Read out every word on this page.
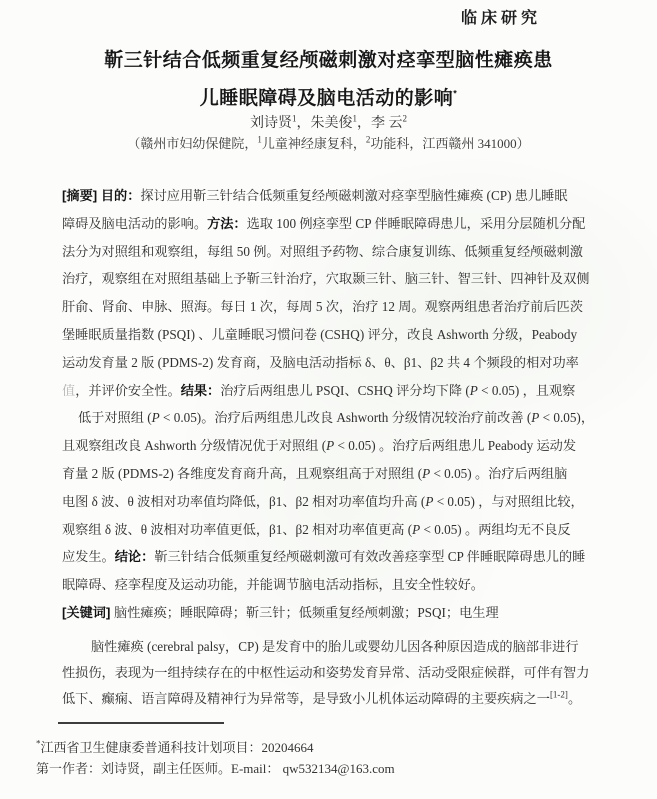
临床研究
靳三针结合低频重复经颅磁刺激对痉挛型脑性瘫痪患
儿睡眠障碍及脑电活动的影响*
刘诗贤$^1$，朱美俊$^1$，李 云$^2$
（赣州市妇幼保健院，$^1$儿童神经康复科，$^2$功能科，江西赣州 341000）
[摘要] 目的：探讨应用靳三针结合低频重复经颅磁刺激对痉挛型脑性瘫痪 (CP) 患儿睡眠
障碍及脑电活动的影响。方法：选取 100 例痉挛型 CP 伴睡眠障碍患儿，采用分层随机分配
法分为对照组和观察组，每组 50 例。对照组予药物、综合康复训练、低频重复经颅磁刺激
治疗，观察组在对照组基础上予靳三针治疗，穴取颞三针、脑三针、智三针、四神针及双侧
肝俞、肾俞、申脉、照海。每日 1 次，每周 5 次，治疗 12 周。观察两组患者治疗前后匹茨
堡睡眠质量指数 (PSQI) 、儿童睡眠习惯问卷 (CSHQ) 评分，改良 Ashworth 分级，Peabody
运动发育量 2 版 (PDMS-2) 发育商，及脑电活动指标 δ、θ、β1、β2 共 4 个频段的相对功率
值，并评价安全性。结果：治疗后两组患儿 PSQI、CSHQ 评分均下降 (P < 0.05) ，且观察
低于对照组 (P < 0.05)。治疗后两组患儿改良 Ashworth 分级情况较治疗前改善 (P < 0.05)，
且观察组改良 Ashworth 分级情况优于对照组 (P < 0.05) 。治疗后两组患儿 Peabody 运动发
育量 2 版 (PDMS-2) 各维度发育商升高，且观察组高于对照组 (P < 0.05) 。治疗后两组脑
电图 δ 波、θ 波相对功率值均降低，β1、β2 相对功率值均升高 (P < 0.05) ，与对照组比较，
观察组 δ 波、θ 波相对功率值更低，β1、β2 相对功率值更高 (P < 0.05) 。两组均无不良反
应发生。结论：靳三针结合低频重复经颅磁刺激可有效改善痉挛型 CP 伴睡眠障碍患儿的睡
眠障碍、痉挛程度及运动功能，并能调节脑电活动指标，且安全性较好。
[关键词] 脑性瘫痪；睡眠障碍；靳三针；低频重复经颅刺激；PSQI；电生理
脑性瘫痪 (cerebral palsy，CP) 是发育中的胎儿或婴幼儿因各种原因造成的脑部非进行
性损伤，表现为一组持续存在的中枢性运动和姿势发育异常、活动受限症候群，可伴有智力
低下、癫痫、语言障碍及精神行为异常等，是导致小儿机体运动障碍的主要疾病之一[1-2]。
*江西省卫生健康委普通科技计划项目：20204664
第一作者：刘诗贤，副主任医师。E-mail： qw532134@163.com
